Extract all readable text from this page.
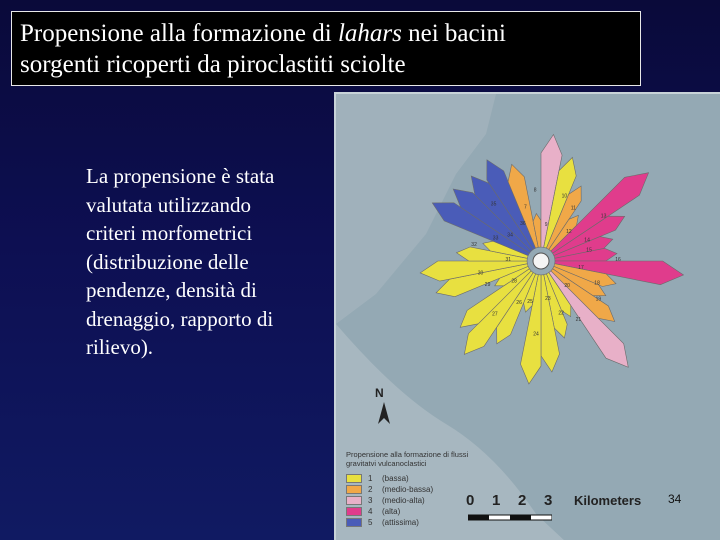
Propensione alla formazione di lahars nei bacini
sorgenti ricoperti da piroclastiti sciolte
La propensione è stata valutata utilizzando criteri morfometrici (distribuzione delle pendenze, densità di drenaggio, rapporto di rilievo).
7
8
9
10
11
12
13
14
15
16
17
18
19
20
21
22
23
24
25
26
27
28
29
30
31
32
33 34
35
36
N
Propensione alla formazione di flussi gravitatvi vulcanoclastici
1	(bassa)
2	(medio-bassa)
3	(medio-alta)
4	(alta)
5	(attissima)
0	1	2	3	Kilometers 34
